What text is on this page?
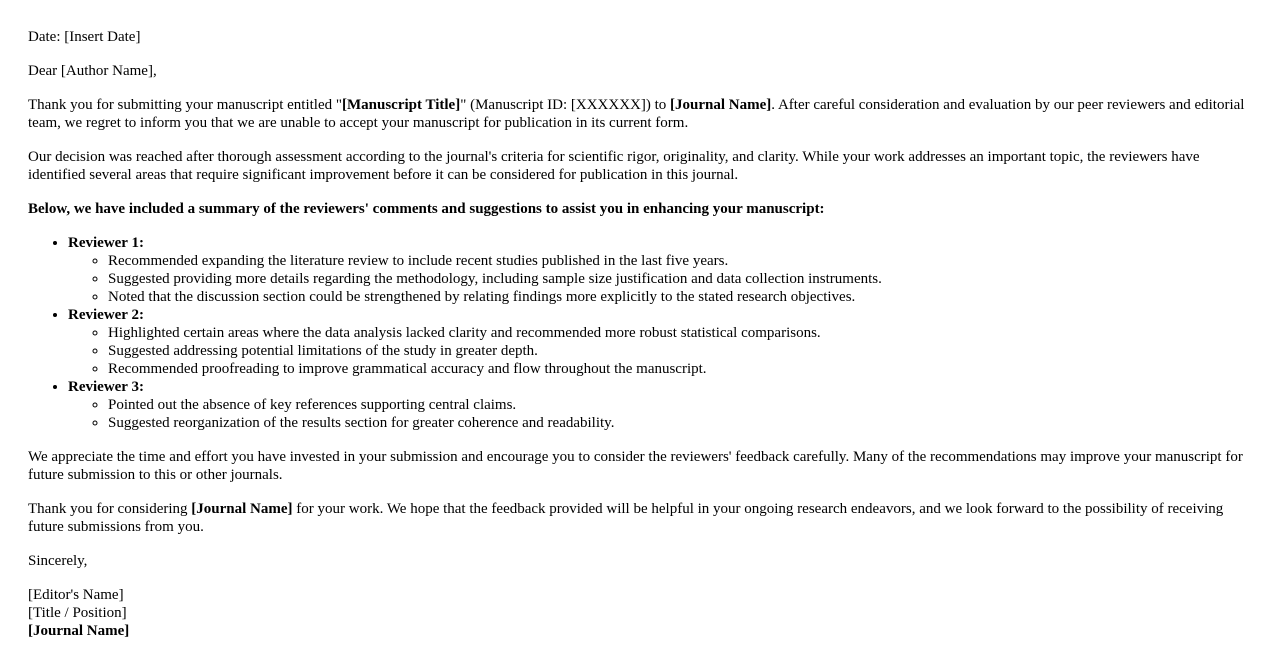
Date: [Insert Date]

Dear [Author Name],

Thank you for submitting your manuscript entitled "[Manuscript Title]" (Manuscript ID: [XXXXXX]) to [Journal Name]. After careful consideration and evaluation by our peer reviewers and editorial team, we regret to inform you that we are unable to accept your manuscript for publication in its current form.

Our decision was reached after thorough assessment according to the journal's criteria for scientific rigor, originality, and clarity. While your work addresses an important topic, the reviewers have identified several areas that require significant improvement before it can be considered for publication in this journal.

Below, we have included a summary of the reviewers' comments and suggestions to assist you in enhancing your manuscript:

• Reviewer 1:
◦ Recommended expanding the literature review to include recent studies published in the last five years.
◦ Suggested providing more details regarding the methodology, including sample size justification and data collection instruments.
◦ Noted that the discussion section could be strengthened by relating findings more explicitly to the stated research objectives.
• Reviewer 2:
◦ Highlighted certain areas where the data analysis lacked clarity and recommended more robust statistical comparisons.
◦ Suggested addressing potential limitations of the study in greater depth.
◦ Recommended proofreading to improve grammatical accuracy and flow throughout the manuscript.
• Reviewer 3:
◦ Pointed out the absence of key references supporting central claims.
◦ Suggested reorganization of the results section for greater coherence and readability.

We appreciate the time and effort you have invested in your submission and encourage you to consider the reviewers' feedback carefully. Many of the recommendations may improve your manuscript for future submission to this or other journals.

Thank you for considering [Journal Name] for your work. We hope that the feedback provided will be helpful in your ongoing research endeavors, and we look forward to the possibility of receiving future submissions from you.

Sincerely,

[Editor's Name]
[Title / Position]
[Journal Name]
